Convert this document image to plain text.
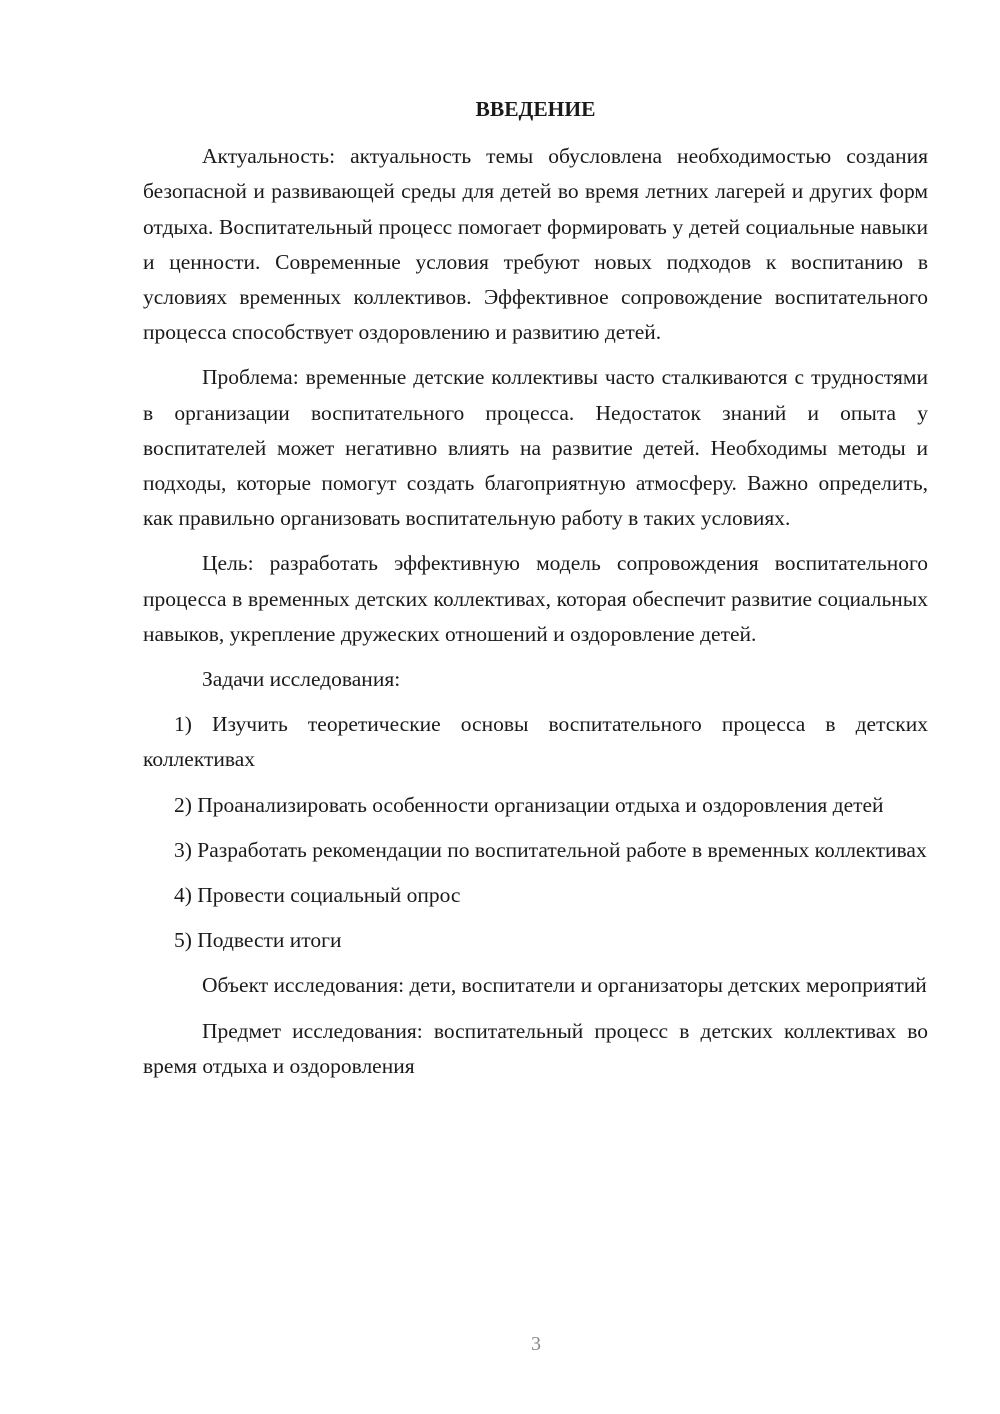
ВВЕДЕНИЕ

Актуальность: актуальность темы обусловлена необходимостью создания безопасной и развивающей среды для детей во время летних лагерей и других форм отдыха. Воспитательный процесс помогает формировать у детей социальные навыки и ценности. Современные условия требуют новых подходов к воспитанию в условиях временных коллективов. Эффективное сопровождение воспитательного процесса способствует оздоровлению и развитию детей.

Проблема: временные детские коллективы часто сталкиваются с трудностями в организации воспитательного процесса. Недостаток знаний и опыта у воспитателей может негативно влиять на развитие детей. Необходимы методы и подходы, которые помогут создать благоприятную атмосферу. Важно определить, как правильно организовать воспитательную работу в таких условиях.

Цель: разработать эффективную модель сопровождения воспитательного процесса в временных детских коллективах, которая обеспечит развитие социальных навыков, укрепление дружеских отношений и оздоровление детей.

Задачи исследования:

1) Изучить теоретические основы воспитательного процесса в детских коллективах

2) Проанализировать особенности организации отдыха и оздоровления детей

3) Разработать рекомендации по воспитательной работе в временных коллективах

4) Провести социальный опрос

5) Подвести итоги

Объект исследования: дети, воспитатели и организаторы детских мероприятий

Предмет исследования: воспитательный процесс в детских коллективах во время отдыха и оздоровления

3
